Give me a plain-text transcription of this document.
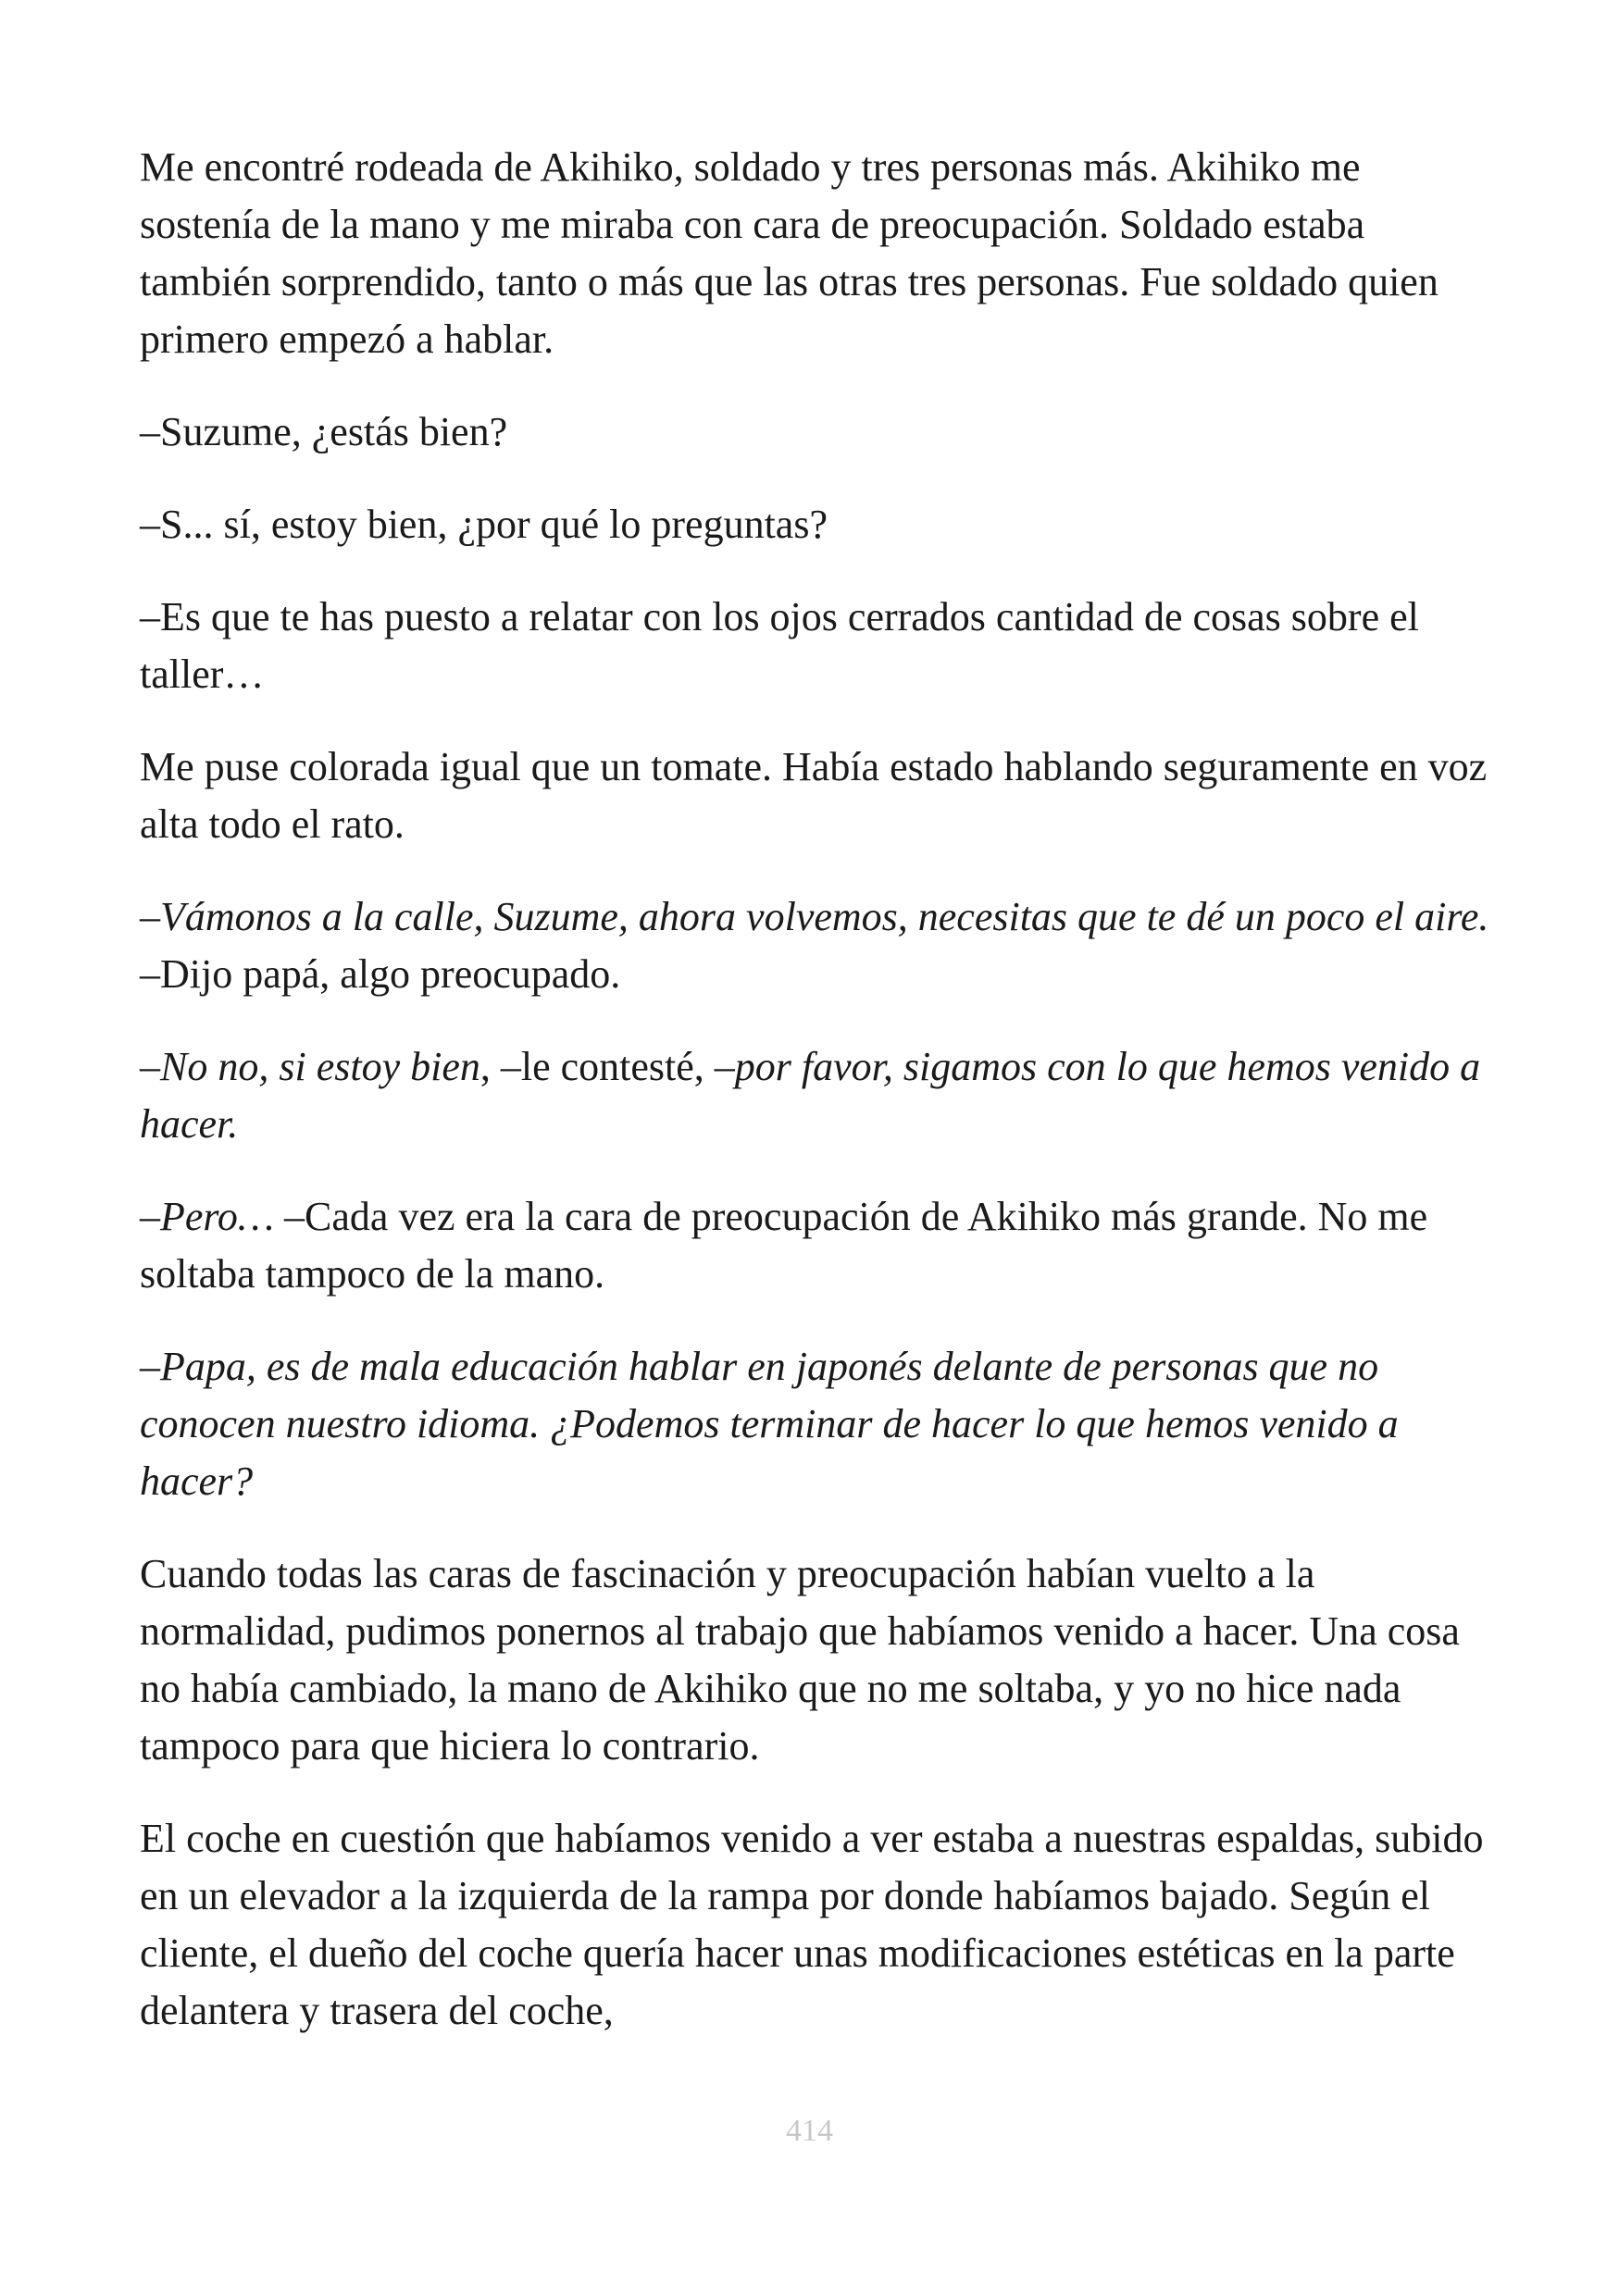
Me encontré rodeada de Akihiko, soldado y tres personas más. Akihiko me sostenía de la mano y me miraba con cara de preocupación. Soldado estaba también sorprendido, tanto o más que las otras tres personas. Fue soldado quien primero empezó a hablar.

–Suzume, ¿estás bien?

–S... sí, estoy bien, ¿por qué lo preguntas?

–Es que te has puesto a relatar con los ojos cerrados cantidad de cosas sobre el taller…

Me puse colorada igual que un tomate. Había estado hablando seguramente en voz alta todo el rato.

–Vámonos a la calle, Suzume, ahora volvemos, necesitas que te dé un poco el aire. –Dijo papá, algo preocupado.

–No no, si estoy bien, –le contesté, –por favor, sigamos con lo que hemos venido a hacer.

–Pero… –Cada vez era la cara de preocupación de Akihiko más grande. No me soltaba tampoco de la mano.

–Papa, es de mala educación hablar en japonés delante de personas que no conocen nuestro idioma. ¿Podemos terminar de hacer lo que hemos venido a hacer?

Cuando todas las caras de fascinación y preocupación habían vuelto a la normalidad, pudimos ponernos al trabajo que habíamos venido a hacer. Una cosa no había cambiado, la mano de Akihiko que no me soltaba, y yo no hice nada tampoco para que hiciera lo contrario.

El coche en cuestión que habíamos venido a ver estaba a nuestras espaldas, subido en un elevador a la izquierda de la rampa por donde habíamos bajado. Según el cliente, el dueño del coche quería hacer unas modificaciones estéticas en la parte delantera y trasera del coche,

414
